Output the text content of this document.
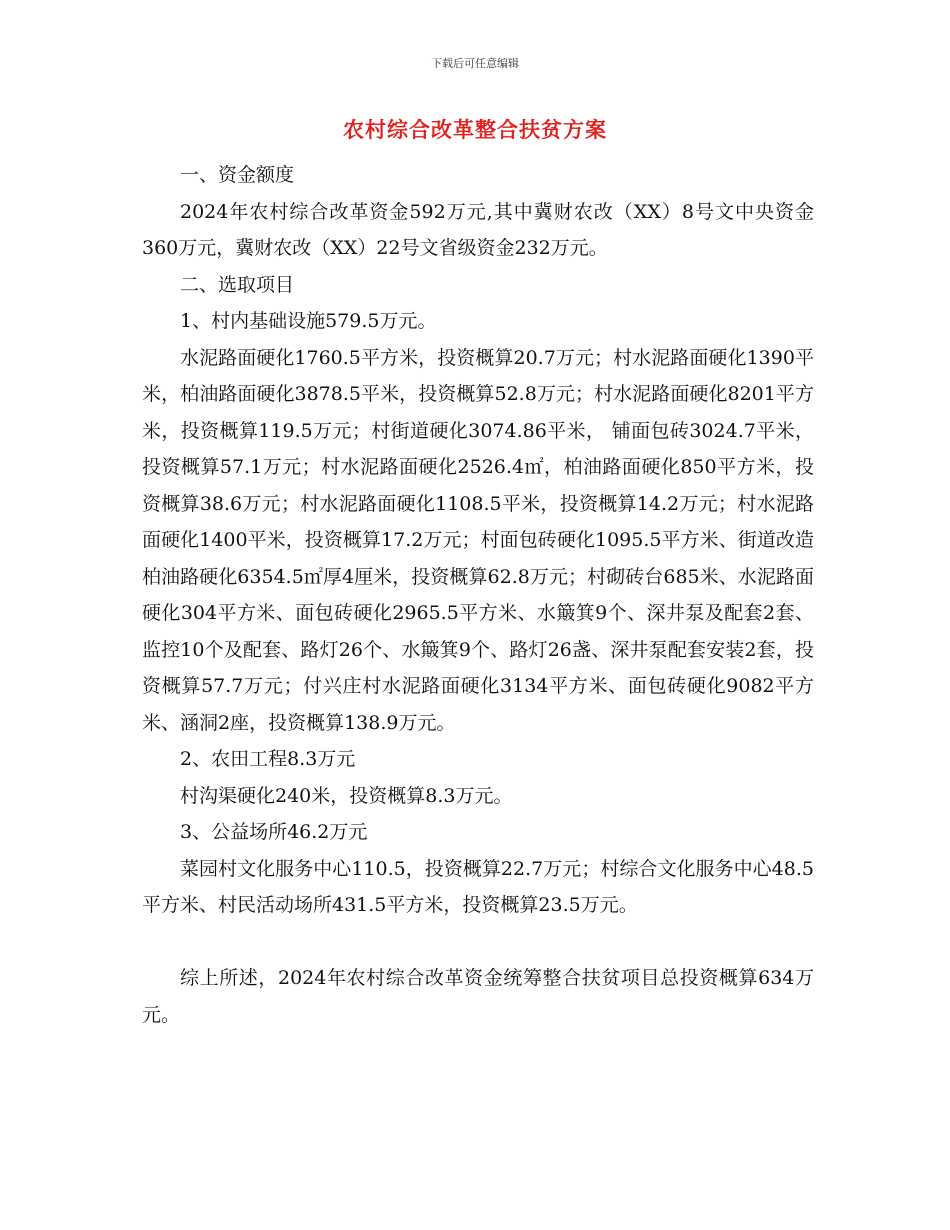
下载后可任意编辑
农村综合改革整合扶贫方案

一、资金额度

2024年农村综合改革资金592万元,其中冀财农改（XX）8号文中央资金360万元，冀财农改（XX）22号文省级资金232万元。

二、选取项目

1、村内基础设施579.5万元。

水泥路面硬化1760.5平方米，投资概算20.7万元；村水泥路面硬化1390平米，柏油路面硬化3878.5平米，投资概算52.8万元；村水泥路面硬化8201平方米，投资概算119.5万元；村街道硬化3074.86平米， 铺面包砖3024.7平米，投资概算57.1万元；村水泥路面硬化2526.4㎡，柏油路面硬化850平方米，投资概算38.6万元；村水泥路面硬化1108.5平米，投资概算14.2万元；村水泥路面硬化1400平米，投资概算17.2万元；村面包砖硬化1095.5平方米、街道改造柏油路硬化6354.5㎡厚4厘米，投资概算62.8万元；村砌砖台685米、水泥路面硬化304平方米、面包砖硬化2965.5平方米、水簸箕9个、深井泵及配套2套、监控10个及配套、路灯26个、水簸箕9个、路灯26盏、深井泵配套安装2套，投资概算57.7万元；付兴庄村水泥路面硬化3134平方米、面包砖硬化9082平方米、涵洞2座，投资概算138.9万元。

2、农田工程8.3万元

村沟渠硬化240米，投资概算8.3万元。

3、公益场所46.2万元

菜园村文化服务中心110.5，投资概算22.7万元；村综合文化服务中心48.5平方米、村民活动场所431.5平方米，投资概算23.5万元。

综上所述，2024年农村综合改革资金统筹整合扶贫项目总投资概算634万元。
